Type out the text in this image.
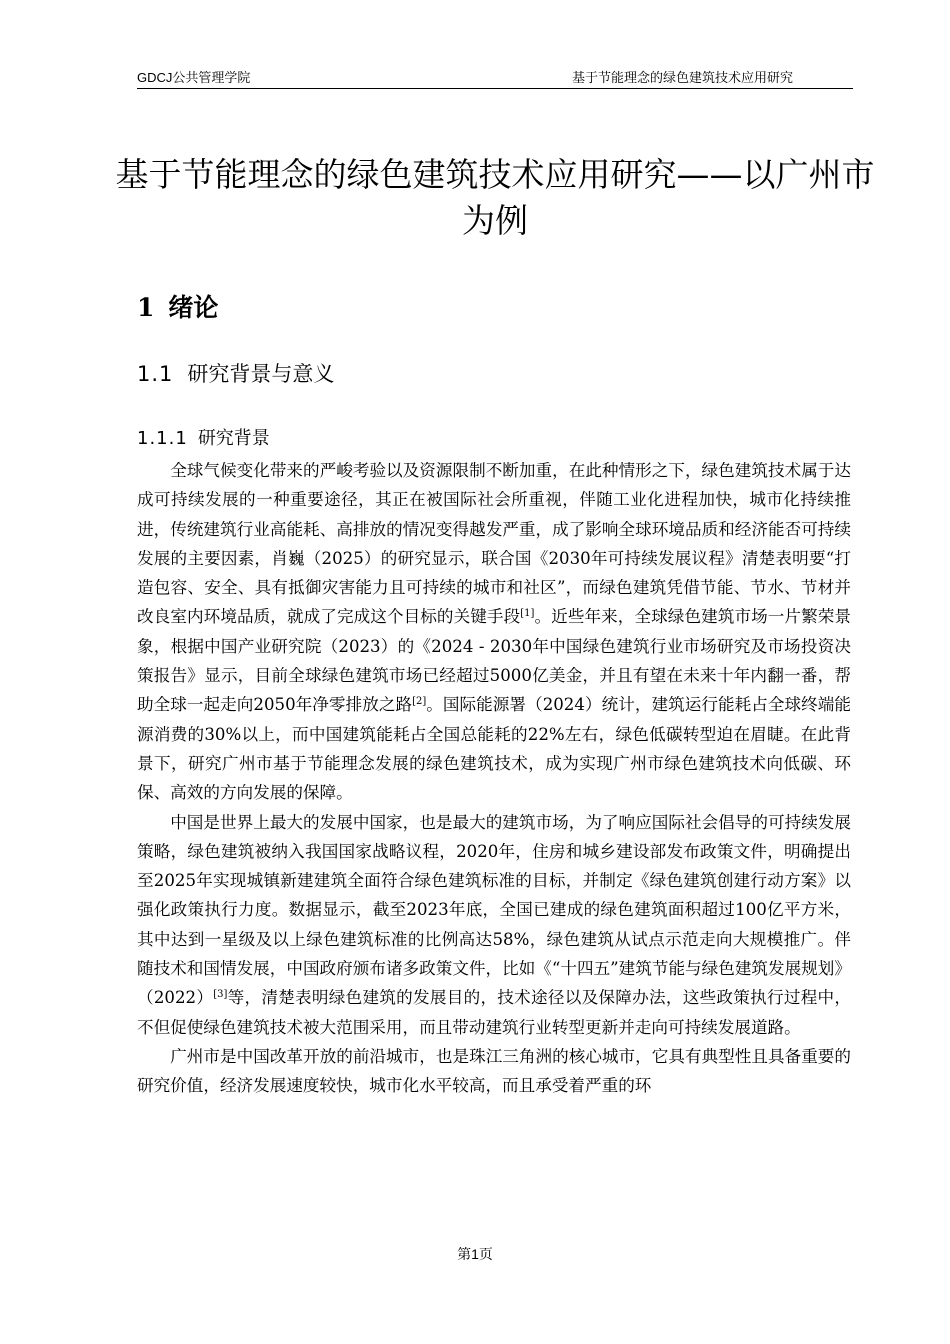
GDCJ公共管理学院	基于节能理念的绿色建筑技术应用研究
基于节能理念的绿色建筑技术应用研究——以广州市为例
1 绪论
1.1 研究背景与意义
1.1.1 研究背景

全球气候变化带来的严峻考验以及资源限制不断加重，在此种情形之下，绿色建筑技术属于达成可持续发展的一种重要途径，其正在被国际社会所重视，伴随工业化进程加快，城市化持续推进，传统建筑行业高能耗、高排放的情况变得越发严重，成了影响全球环境品质和经济能否可持续发展的主要因素，肖巍（2025）的研究显示，联合国《2030年可持续发展议程》清楚表明要“打造包容、安全、具有抵御灾害能力且可持续的城市和社区”，而绿色建筑凭借节能、节水、节材并改良室内环境品质，就成了完成这个目标的关键手段[1]。近些年来，全球绿色建筑市场一片繁荣景象，根据中国产业研究院（2023）的《2024 - 2030年中国绿色建筑行业市场研究及市场投资决策报告》显示，目前全球绿色建筑市场已经超过5000亿美金，并且有望在未来十年内翻一番，帮助全球一起走向2050年净零排放之路[2]。国际能源署（2024）统计，建筑运行能耗占全球终端能源消费的30%以上，而中国建筑能耗占全国总能耗的22%左右，绿色低碳转型迫在眉睫。在此背景下，研究广州市基于节能理念发展的绿色建筑技术，成为实现广州市绿色建筑技术向低碳、环保、高效的方向发展的保障。

中国是世界上最大的发展中国家，也是最大的建筑市场，为了响应国际社会倡导的可持续发展策略，绿色建筑被纳入我国国家战略议程，2020年，住房和城乡建设部发布政策文件，明确提出至2025年实现城镇新建建筑全面符合绿色建筑标准的目标，并制定《绿色建筑创建行动方案》以强化政策执行力度。数据显示，截至2023年底，全国已建成的绿色建筑面积超过100亿平方米，其中达到一星级及以上绿色建筑标准的比例高达58%，绿色建筑从试点示范走向大规模推广。伴随技术和国情发展，中国政府颁布诸多政策文件，比如《“十四五”建筑节能与绿色建筑发展规划》（2022）[3]等，清楚表明绿色建筑的发展目的，技术途径以及保障办法，这些政策执行过程中，不但促使绿色建筑技术被大范围采用，而且带动建筑行业转型更新并走向可持续发展道路。

广州市是中国改革开放的前沿城市，也是珠江三角洲的核心城市，它具有典型性且具备重要的研究价值，经济发展速度较快，城市化水平较高，而且承受着严重的环

第1页
